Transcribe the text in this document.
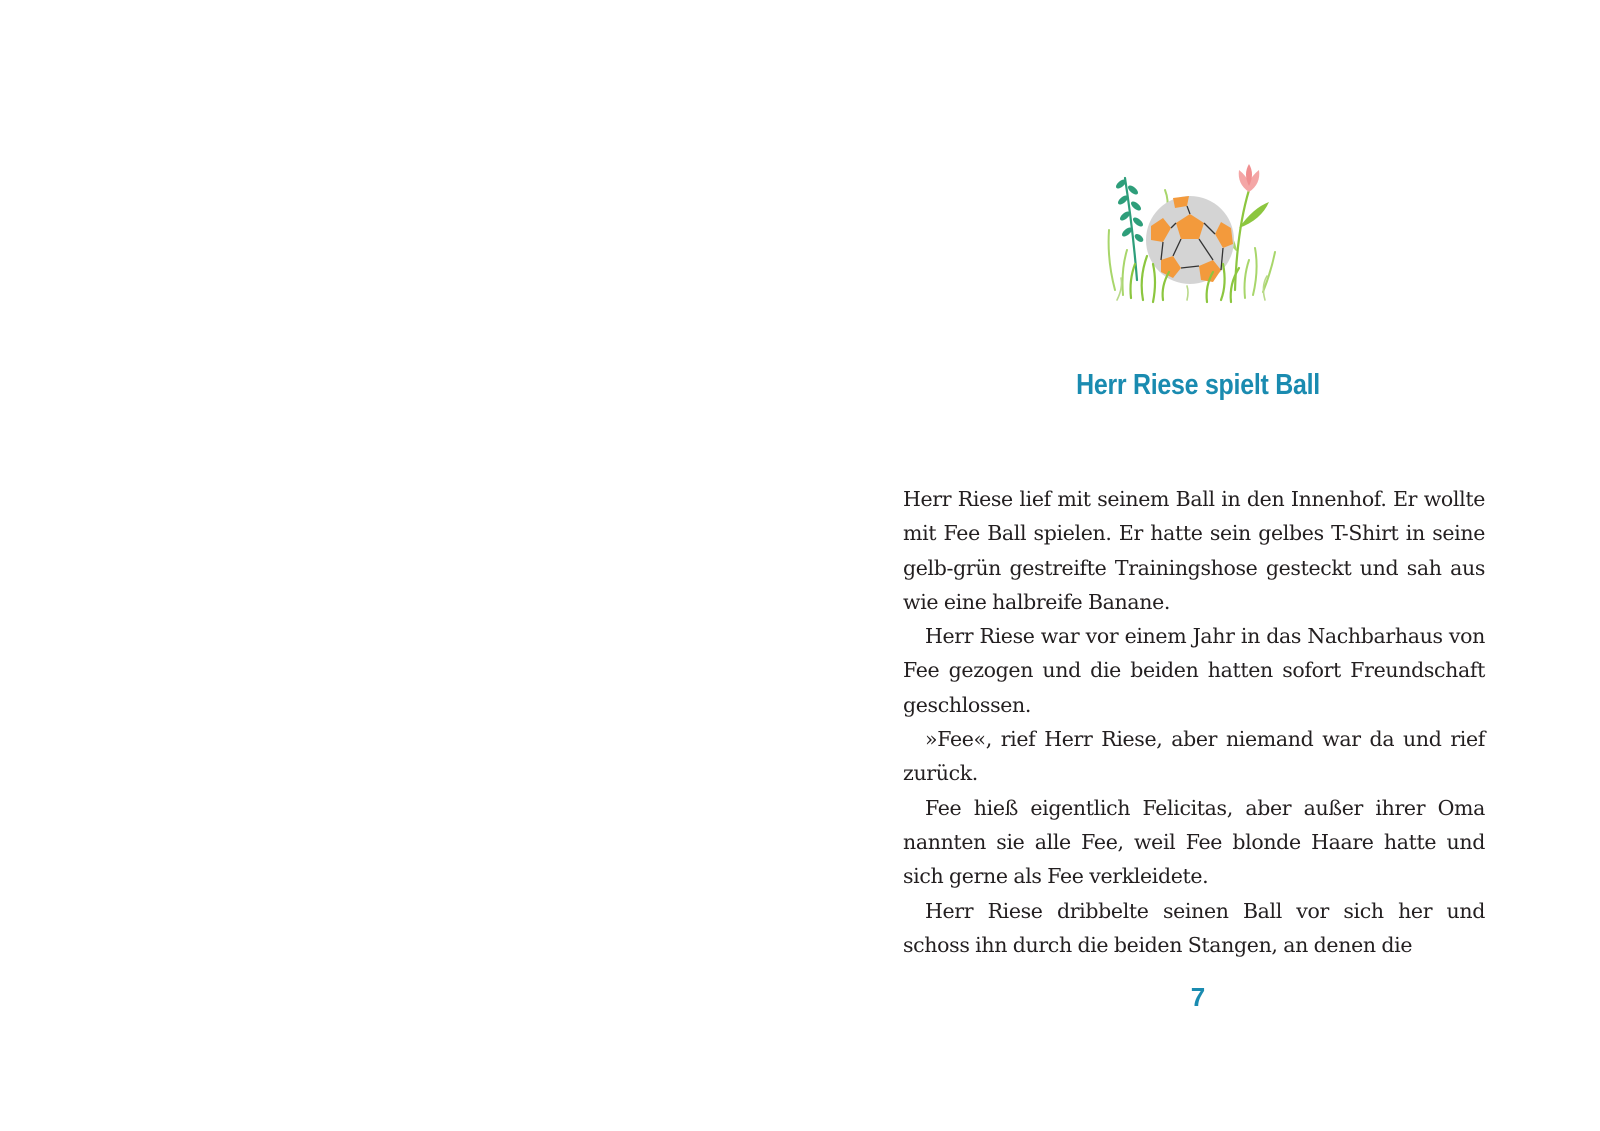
Herr Riese spielt Ball

Herr Riese lief mit seinem Ball in den Innenhof. Er wollte mit Fee Ball spielen. Er hatte sein gelbes T-Shirt in seine gelb-grün gestreifte Trainingshose gesteckt und sah aus wie eine halbreife Banane.

Herr Riese war vor einem Jahr in das Nachbarhaus von Fee gezogen und die beiden hatten sofort Freundschaft geschlossen.

»Fee«, rief Herr Riese, aber niemand war da und rief zurück.

Fee hieß eigentlich Felicitas, aber außer ihrer Oma nannten sie alle Fee, weil Fee blonde Haare hatte und sich gerne als Fee verkleidete.

Herr Riese dribbelte seinen Ball vor sich her und schoss ihn durch die beiden Stangen, an denen die

7
